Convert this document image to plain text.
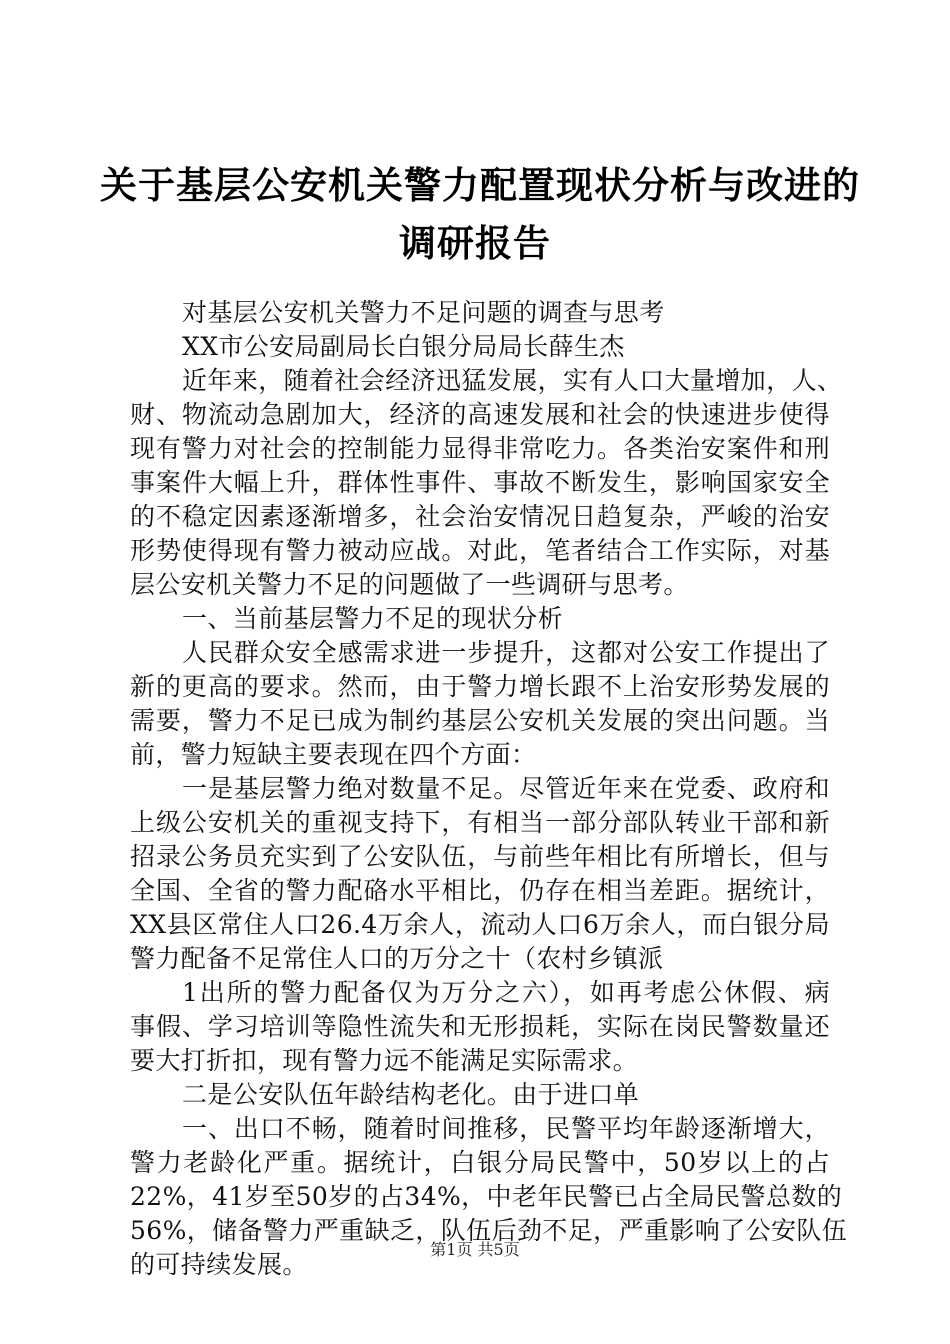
关于基层公安机关警力配置现状分析与改进的
调研报告
对基层公安机关警力不足问题的调查与思考
XX市公安局副局长白银分局局长薛生杰
近年来，随着社会经济迅猛发展，实有人口大量增加，人、
财、物流动急剧加大，经济的高速发展和社会的快速进步使得
现有警力对社会的控制能力显得非常吃力。各类治安案件和刑
事案件大幅上升，群体性事件、事故不断发生，影响国家安全
的不稳定因素逐渐增多，社会治安情况日趋复杂，严峻的治安
形势使得现有警力被动应战。对此，笔者结合工作实际，对基
层公安机关警力不足的问题做了一些调研与思考。
一、当前基层警力不足的现状分析
人民群众安全感需求进一步提升，这都对公安工作提出了
新的更高的要求。然而，由于警力增长跟不上治安形势发展的
需要，警力不足已成为制约基层公安机关发展的突出问题。当
前，警力短缺主要表现在四个方面：
一是基层警力绝对数量不足。尽管近年来在党委、政府和
上级公安机关的重视支持下，有相当一部分部队转业干部和新
招录公务员充实到了公安队伍，与前些年相比有所增长，但与
全国、全省的警力配硌水平相比，仍存在相当差距。据统计，
XX县区常住人口26.4万余人，流动人口6万余人，而白银分局
警力配备不足常住人口的万分之十（农村乡镇派
1出所的警力配备仅为万分之六），如再考虑公休假、病
事假、学习培训等隐性流失和无形损耗，实际在岗民警数量还
要大打折扣，现有警力远不能满足实际需求。
二是公安队伍年龄结构老化。由于进口单
一、出口不畅，随着时间推移，民警平均年龄逐渐增大，
警力老龄化严重。据统计，白银分局民警中，50岁以上的占
22%，41岁至50岁的占34%，中老年民警已占全局民警总数的
56%，储备警力严重缺乏，队伍后劲不足，严重影响了公安队伍
的可持续发展。
第1页 共5页
